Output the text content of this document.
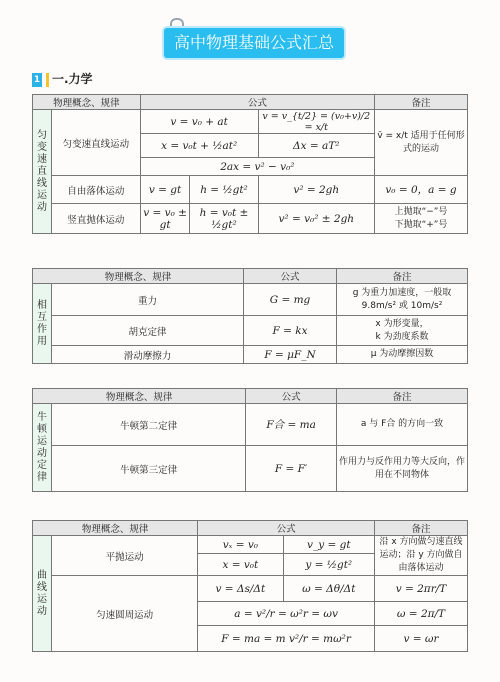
高中物理基础公式汇总
1 一.力学
物理概念、规律		公式			备注
匀变速直线运动	匀变速直线运动	v = v₀ + at		v = v_{t/2} = (v₀+v)/2 = x/t	v̄ = x/t 适用于任何形式的运动
		x = v₀t + ½at²		Δx = aT²	
		2ax = v² − v₀²			
	自由落体运动	v = gt	h = ½gt²	v² = 2gh	v₀ = 0，a = g
	竖直抛体运动	v = v₀ ± gt	h = v₀t ± ½gt²	v² = v₀² ± 2gh	上抛取“−”号
下抛取“+”号
物理概念、规律		公式	备注
相互作用	重力	G = mg	g 为重力加速度，一般取
9.8m/s² 或 10m/s²

	胡克定律	F = kx	x 为形变量，
k 为劲度系数

	滑动摩擦力	F = μF_N	μ 为动摩擦因数
物理概念、规律		公式	备注
牛顿运动定律	牛顿第二定律	F合 = ma	a 与 F合 的方向一致
	牛顿第三定律	F = F′	作用力与反作用力等大反向，作用在不同物体
物理概念、规律		公式		备注
曲线运动	平抛运动	vₓ = v₀	v_y = gt	沿 x 方向做匀速直线运动；沿 y 方向做自由落体运动
		x = v₀t	y = ½gt²	
	匀速圆周运动	v = Δs/Δt	ω = Δθ/Δt	v = 2πr/T
		a = v²/r = ω²r = ωv		ω = 2π/T
		F = ma = m v²/r = mω²r		v = ωr
